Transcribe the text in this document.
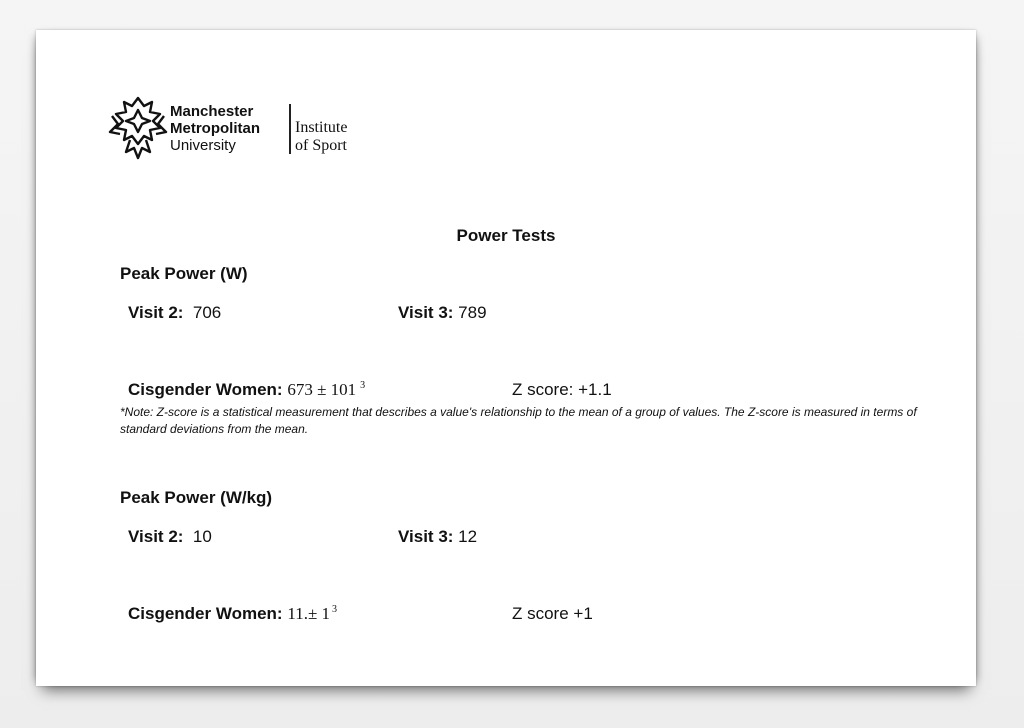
Manchester
Metropolitan
University
Institute
of Sport
Power Tests
Peak Power (W)
Visit 2: 706	Visit 3: 789
Cisgender Women: 673 ± 101 $^3$	Z score: +1.1
*Note: Z-score is a statistical measurement that describes a value's relationship to the mean of a group of values. The Z-score is measured in terms of standard deviations from the mean.
Peak Power (W/kg)
Visit 2: 10	Visit 3: 12
Cisgender Women: 11.± 1 $^3$	Z score +1
